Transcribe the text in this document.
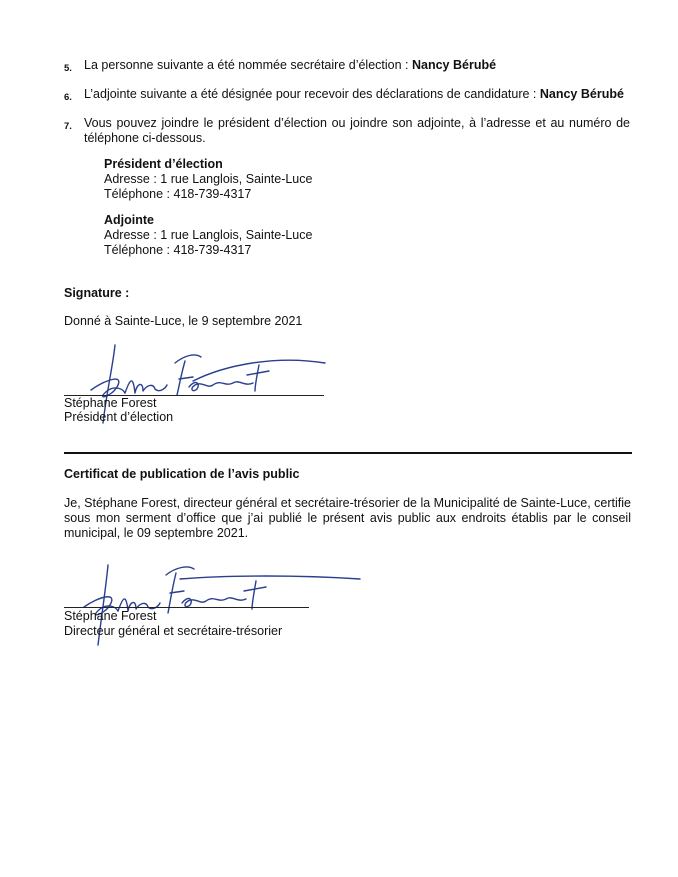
5. La personne suivante a été nommée secrétaire d’élection : Nancy Bérubé
6. L’adjointe suivante a été désignée pour recevoir des déclarations de candidature : Nancy Bérubé
7. Vous pouvez joindre le président d’élection ou joindre son adjointe, à l’adresse et au numéro de téléphone ci-dessous.
Président d’élection
Adresse : 1 rue Langlois, Sainte-Luce
Téléphone : 418-739-4317
Adjointe
Adresse : 1 rue Langlois, Sainte-Luce
Téléphone : 418-739-4317
Signature :
Donné à Sainte-Luce, le 9 septembre 2021
Stéphane Forest
Président d’élection
Certificat de publication de l’avis public
Je, Stéphane Forest, directeur général et secrétaire-trésorier de la Municipalité de Sainte-Luce, certifie sous mon serment d’office que j’ai publié le présent avis public aux endroits établis par le conseil municipal, le 09 septembre 2021.
Stéphane Forest
Directeur général et secrétaire-trésorier
